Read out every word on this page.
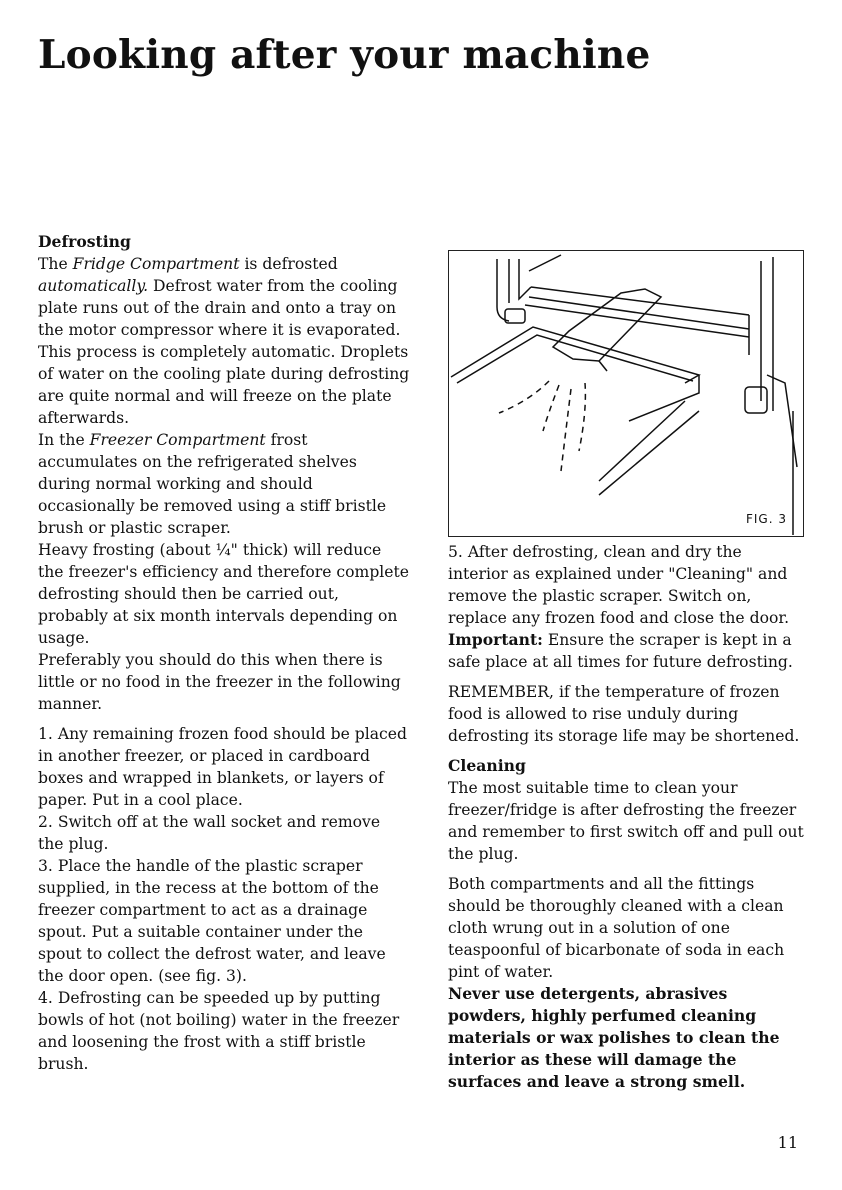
Looking after your machine
Defrosting

The Fridge Compartment is defrosted automatically. Defrost water from the cooling plate runs out of the drain and onto a tray on the motor compressor where it is evaporated. This process is completely automatic. Droplets of water on the cooling plate during defrosting are quite normal and will freeze on the plate afterwards.

In the Freezer Compartment frost accumulates on the refrigerated shelves during normal working and should occasionally be removed using a stiff bristle brush or plastic scraper.

Heavy frosting (about ¼" thick) will reduce the freezer's efficiency and therefore complete defrosting should then be carried out, probably at six month intervals depending on usage.

Preferably you should do this when there is little or no food in the freezer in the following manner.

1. Any remaining frozen food should be placed in another freezer, or placed in cardboard boxes and wrapped in blankets, or layers of paper. Put in a cool place.

2. Switch off at the wall socket and remove the plug.

3. Place the handle of the plastic scraper supplied, in the recess at the bottom of the freezer compartment to act as a drainage spout. Put a suitable container under the spout to collect the defrost water, and leave the door open. (see fig. 3).

4. Defrosting can be speeded up by putting bowls of hot (not boiling) water in the freezer and loosening the frost with a stiff bristle brush.

FIG. 3

5. After defrosting, clean and dry the interior as explained under "Cleaning" and remove the plastic scraper. Switch on, replace any frozen food and close the door.

Important: Ensure the scraper is kept in a safe place at all times for future defrosting.

REMEMBER, if the temperature of frozen food is allowed to rise unduly during defrosting its storage life may be shortened.

Cleaning

The most suitable time to clean your freezer/fridge is after defrosting the freezer and remember to first switch off and pull out the plug.

Both compartments and all the fittings should be thoroughly cleaned with a clean cloth wrung out in a solution of one teaspoonful of bicarbonate of soda in each pint of water.

Never use detergents, abrasives powders, highly perfumed cleaning materials or wax polishes to clean the interior as these will damage the surfaces and leave a strong smell.

11
